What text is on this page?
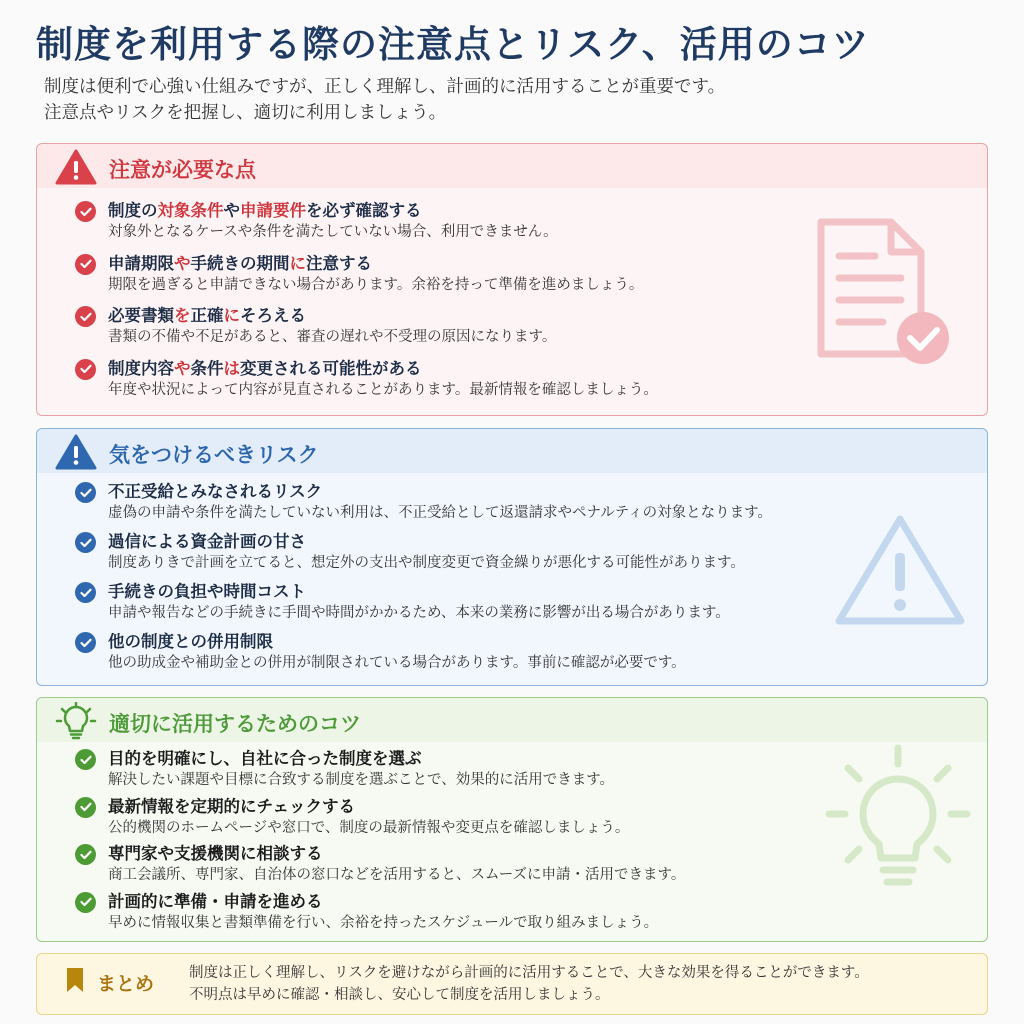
制度を利用する際の注意点とリスク、活用のコツ

制度は便利で心強い仕組みですが、正しく理解し、計画的に活用することが重要です。

注意点やリスクを把握し、適切に利用しましょう。

注意が必要な点
制度の対象条件や申請要件を必ず確認する
対象外となるケースや条件を満たしていない場合、利用できません。
申請期限や手続きの期間に注意する
期限を過ぎると申請できない場合があります。余裕を持って準備を進めましょう。
必要書類を正確にそろえる
書類の不備や不足があると、審査の遅れや不受理の原因になります。
制度内容や条件は変更される可能性がある
年度や状況によって内容が見直されることがあります。最新情報を確認しましょう。
気をつけるべきリスク
不正受給とみなされるリスク
虚偽の申請や条件を満たしていない利用は、不正受給として返還請求やペナルティの対象となります。
過信による資金計画の甘さ
制度ありきで計画を立てると、想定外の支出や制度変更で資金繰りが悪化する可能性があります。
手続きの負担や時間コスト
申請や報告などの手続きに手間や時間がかかるため、本来の業務に影響が出る場合があります。
他の制度との併用制限
他の助成金や補助金との併用が制限されている場合があります。事前に確認が必要です。
適切に活用するためのコツ
目的を明確にし、自社に合った制度を選ぶ
解決したい課題や目標に合致する制度を選ぶことで、効果的に活用できます。
最新情報を定期的にチェックする
公的機関のホームページや窓口で、制度の最新情報や変更点を確認しましょう。
専門家や支援機関に相談する
商工会議所、専門家、自治体の窓口などを活用すると、スムーズに申請・活用できます。
計画的に準備・申請を進める
早めに情報収集と書類準備を行い、余裕を持ったスケジュールで取り組みましょう。
まとめ 制度は正しく理解し、リスクを避けながら計画的に活用することで、大きな効果を得ることができます。

不明点は早めに確認・相談し、安心して制度を活用しましょう。
